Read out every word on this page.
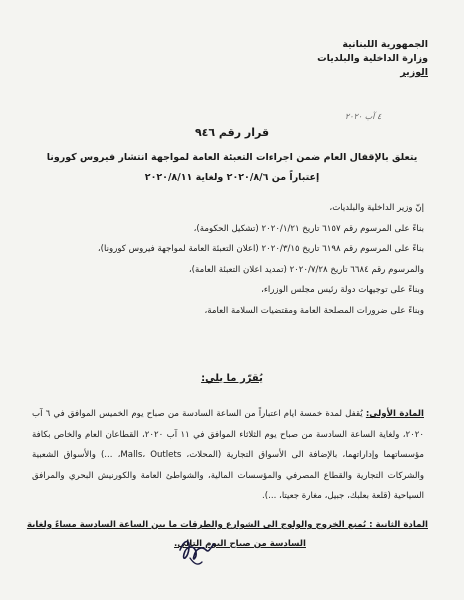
الجمهورية اللبنانية
وزارة الداخلية والبلديات
الوزير
٤ آب ٢٠٢٠
قرار رقم ٩٤٦
يتعلق بالإقفال العام ضمن اجراءات التعبئة العامة لمواجهة انتشار فيروس كورونا
إعتباراً من ٢٠٢٠/٨/٦ ولغاية ٢٠٢٠/٨/١١
إنّ وزير الداخلية والبلديات،
بناءً على المرسوم رقم ٦١٥٧ تاريخ ٢٠٢٠/١/٢١ (تشكيل الحكومة)،
بناءً على المرسوم رقم ٦١٩٨ تاريخ ٢٠٢٠/٣/١٥ (اعلان التعبئة العامة لمواجهة فيروس كورونا)،
والمرسوم رقم ٦٦٨٤ تاريخ ٢٠٢٠/٧/٢٨ (تمديد اعلان التعبئة العامة)،
وبناءً على توجيهات دولة رئيس مجلس الوزراء،
وبناءً على ضرورات المصلحة العامة ومقتضيات السلامة العامة،
يُقرّر ما يلي:
المادة الأولى: يُقفل لمدة خمسة ايام اعتباراً من الساعة السادسة من صباح يوم الخميس الموافق في ٦ آب ٢٠٢٠، ولغاية الساعة السادسة من صباح يوم الثلاثاء الموافق في ١١ آب ٢٠٢٠، القطاعان العام والخاص بكافة مؤسساتهما وإداراتهما، بالإضافة الى الأسواق التجارية (المحلات، Malls، Outlets، ...) والأسواق الشعبية والشركات التجارية والقطاع المصرفي والمؤسسات المالية، والشواطئ العامة والكورنيش البحري والمرافق السياحية (قلعة بعلبك، جبيل، مغارة جعيتا، ...).
المادة الثانية : يُمنع الخروج والولوج الى الشوارع والطرقات ما بين الساعة السادسة مساءً ولغاية
السادسة من صباح اليوم التالي.
